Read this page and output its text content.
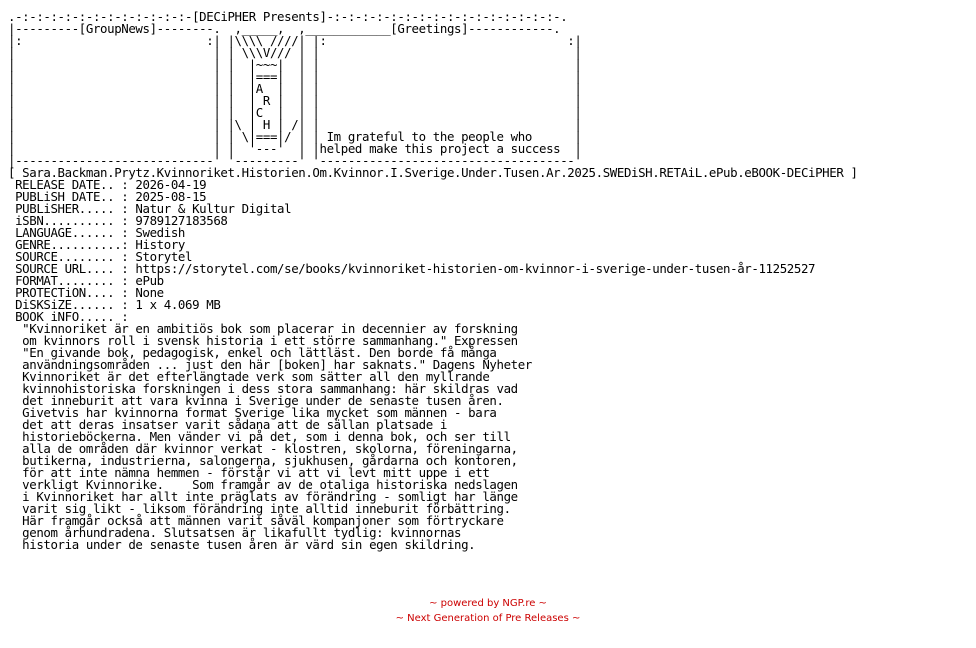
.-:-:-:-:-:-:-:-:-:-:-:-:-[DECiPHER Presents]-:-:-:-:-:-:-:-:-:-:-:-:-:-:-:-:-.
|---------[GroupNews]--------.  ,_____,  ,____________[Greetings]------------.
|:                          :| |\\\\ ////| |:                                  :|
|                            | | \\\V/// | |                                    |
|                            | |  |~~~|  | |                                    |
|                            | |  |===|  | |                                    |
|                            | |  |A  |  | |                                    |
|                            | |  | R |  | |                                    |
|                            | |  |C  |  | |                                    |
|                            | |\ | H | /| |                                    |
|                            | | \|===|/ | | Im grateful to the people who      |
|                            | |  '---'  | |helped make this project a success  |
|----------------------------' '---------' '------------------------------------'
[ Sara.Backman.Prytz.Kvinnoriket.Historien.Om.Kvinnor.I.Sverige.Under.Tusen.Ar.2025.SWEDiSH.RETAiL.ePub.eBOOK-DECiPHER ]
RELEASE DATE.. : 2026-04-19
PUBLiSH DATE.. : 2025-08-15
PUBLiSHER..... : Natur & Kultur Digital
iSBN.......... : 9789127183568
LANGUAGE...... : Swedish
GENRE..........: History
SOURCE........ : Storytel
SOURCE URL.... : https://storytel.com/se/books/kvinnoriket-historien-om-kvinnor-i-sverige-under-tusen-år-11252527
FORMAT........ : ePub
PROTECTiON.... : None
DiSKSiZE...... : 1 x 4.069 MB
BOOK iNFO..... :
"Kvinnoriket är en ambitiös bok som placerar in decennier av forskning
om kvinnors roll i svensk historia i ett större sammanhang." Expressen
"En givande bok, pedagogisk, enkel och lättläst. Den borde få många
användningsområden ... just den här [boken] har saknats." Dagens Nyheter
Kvinnoriket är det efterlängtade verk som sätter all den myllrande
kvinnohistoriska forskningen i dess stora sammanhang: här skildras vad
det inneburit att vara kvinna i Sverige under de senaste tusen åren.
Givetvis har kvinnorna format Sverige lika mycket som männen - bara
det att deras insatser varit sådana att de sällan platsade i
historieböckerna. Men vänder vi på det, som i denna bok, och ser till
alla de områden där kvinnor verkat - klostren, skolorna, föreningarna,
butikerna, industrierna, salongerna, sjukhusen, gårdarna och kontoren,
för att inte nämna hemmen - förstår vi att vi levt mitt uppe i ett
verkligt Kvinnorike.    Som framgår av de otaliga historiska nedslagen
i Kvinnoriket har allt inte präglats av förändring - somligt har länge
varit sig likt - liksom förändring inte alltid inneburit förbättring.
Här framgår också att männen varit såväl kompanjoner som förtryckare
genom århundradena. Slutsatsen är likafullt tydlig: kvinnornas
historia under de senaste tusen åren är värd sin egen skildring.
~ powered by NGP.re ~
~ Next Generation of Pre Releases ~
